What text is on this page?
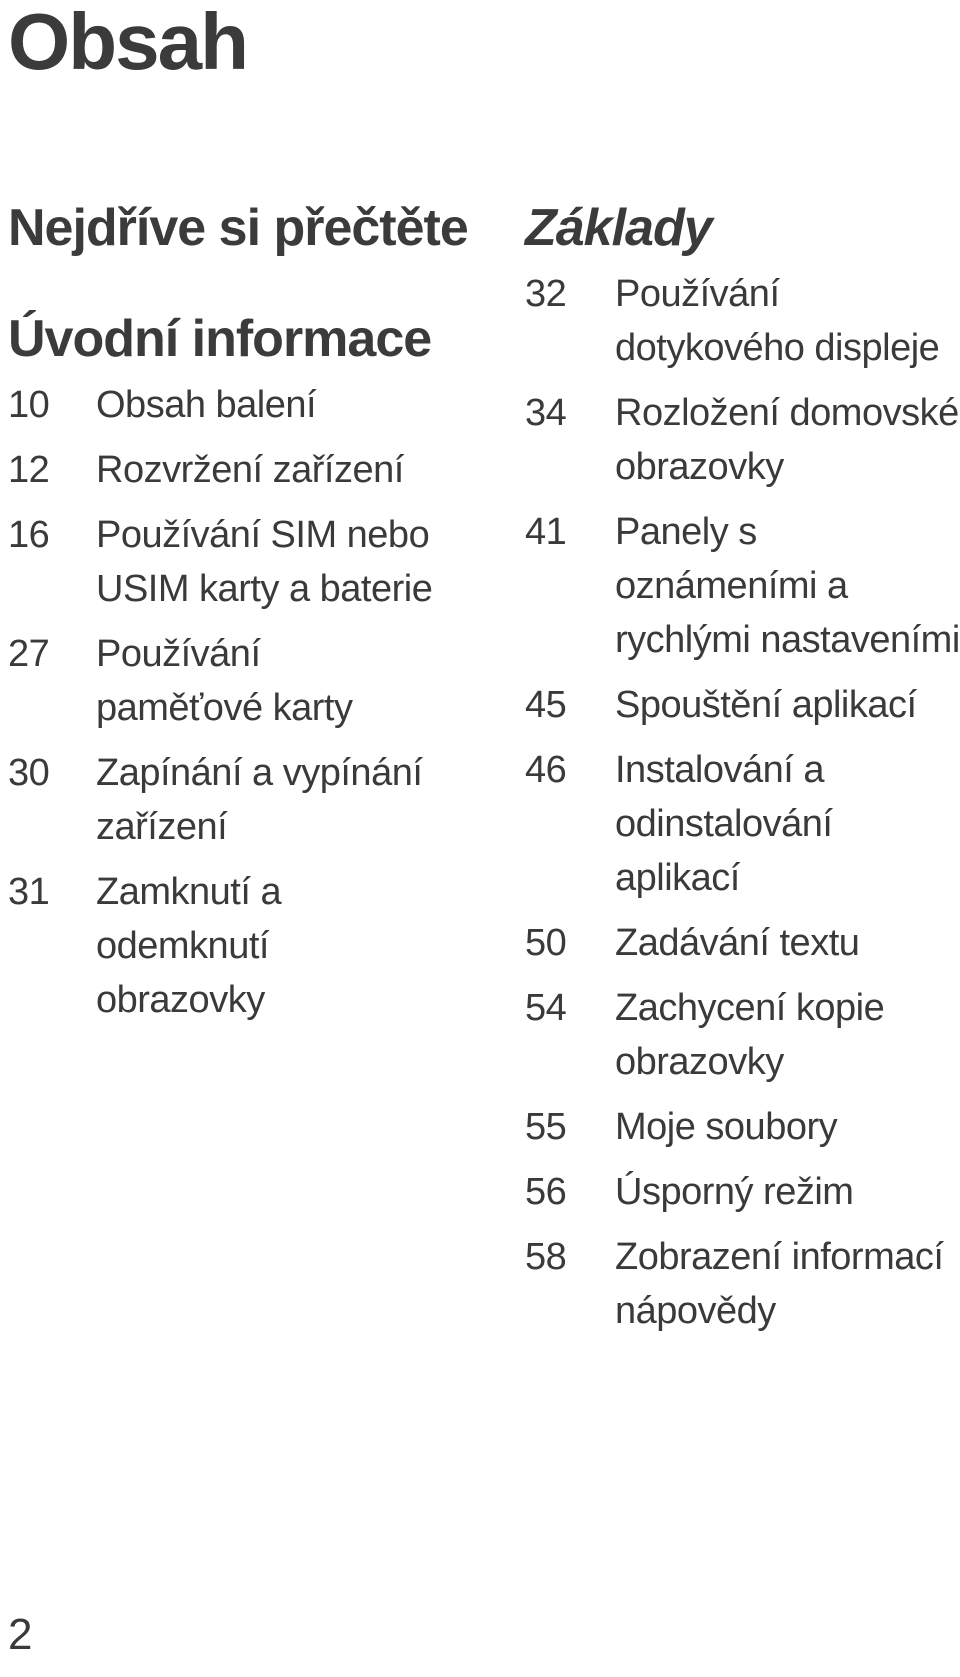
Obsah
Nejdříve si přečtěte
Úvodní informace
10	Obsah balení
12	Rozvržení zařízení
16	Používání SIM nebo USIM karty a baterie
27	Používání paměťové karty
30	Zapínání a vypínání zařízení
31	Zamknutí a odemknutí obrazovky
Základy
32	Používání dotykového displeje
34	Rozložení domovské obrazovky
41	Panely s oznámeními a rychlými nastaveními
45	Spouštění aplikací
46	Instalování a odinstalování aplikací
50	Zadávání textu
54	Zachycení kopie obrazovky
55	Moje soubory
56	Úsporný režim
58	Zobrazení informací nápovědy
2
